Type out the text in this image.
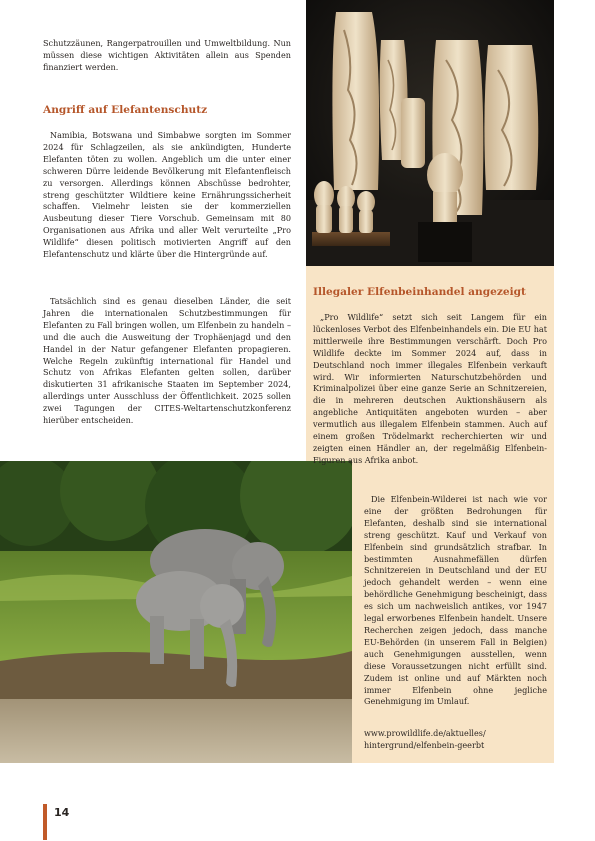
Schutzzäunen, Rangerpatrouillen und Umweltbildung. Nun müssen diese wichtigen Aktivitäten allein aus Spenden finanziert werden.

Angriff auf Elefantenschutz

Namibia, Botswana und Simbabwe sorgten im Sommer 2024 für Schlagzeilen, als sie ankündigten, Hunderte Elefanten töten zu wollen. Angeblich um die unter einer schweren Dürre leidende Bevölkerung mit Elefantenfleisch zu versorgen. Allerdings können Abschüsse bedrohter, streng geschützter Wildtiere keine Ernährungssicherheit schaffen. Vielmehr leisten sie der kommerziellen Ausbeutung dieser Tiere Vorschub. Gemeinsam mit 80 Organisationen aus Afrika und aller Welt verurteilte „Pro Wildlife“ diesen politisch motivierten Angriff auf den Elefantenschutz und klärte über die Hintergründe auf.

Tatsächlich sind es genau dieselben Länder, die seit Jahren die internationalen Schutzbestimmungen für Elefanten zu Fall bringen wollen, um Elfenbein zu handeln – und die auch die Ausweitung der Trophäenjagd und den Handel in der Natur gefangener Elefanten propagieren. Welche Regeln zukünftig international für Handel und Schutz von Afrikas Elefanten gelten sollen, darüber diskutierten 31 afrikanische Staaten im September 2024, allerdings unter Ausschluss der Öffentlichkeit. 2025 sollen zwei Tagungen der CITES-Weltartenschutzkonferenz hierüber entscheiden.

Illegaler Elfenbeinhandel angezeigt

„Pro Wildlife“ setzt sich seit Langem für ein lückenloses Verbot des Elfenbeinhandels ein. Die EU hat mittlerweile ihre Bestimmungen verschärft. Doch Pro Wildlife deckte im Sommer 2024 auf, dass in Deutschland noch immer illegales Elfenbein verkauft wird. Wir informierten Naturschutzbehörden und Kriminalpolizei über eine ganze Serie an Schnitzereien, die in mehreren deutschen Auktionshäusern als angebliche Antiquitäten angeboten wurden – aber vermutlich aus illegalem Elfenbein stammen. Auch auf einem großen Trödelmarkt recherchierten wir und zeigten einen Händler an, der regelmäßig Elfenbein-Figuren aus Afrika anbot.

Die Elfenbein-Wilderei ist nach wie vor eine der größten Bedrohungen für Elefanten, deshalb sind sie international streng geschützt. Kauf und Verkauf von Elfenbein sind grundsätzlich strafbar. In bestimmten Ausnahmefällen dürfen Schnitzereien in Deutschland und der EU jedoch gehandelt werden – wenn eine behördliche Genehmigung bescheinigt, dass es sich um nachweislich antikes, vor 1947 legal erworbenes Elfenbein handelt. Unsere Recherchen zeigen jedoch, dass manche EU-Behörden (in unserem Fall in Belgien) auch Genehmigungen ausstellen, wenn diese Voraussetzungen nicht erfüllt sind. Zudem ist online und auf Märkten noch immer Elfenbein ohne jegliche Genehmigung im Umlauf.

www.prowildlife.de/aktuelles/
hintergrund/elfenbein-geerbt
14
